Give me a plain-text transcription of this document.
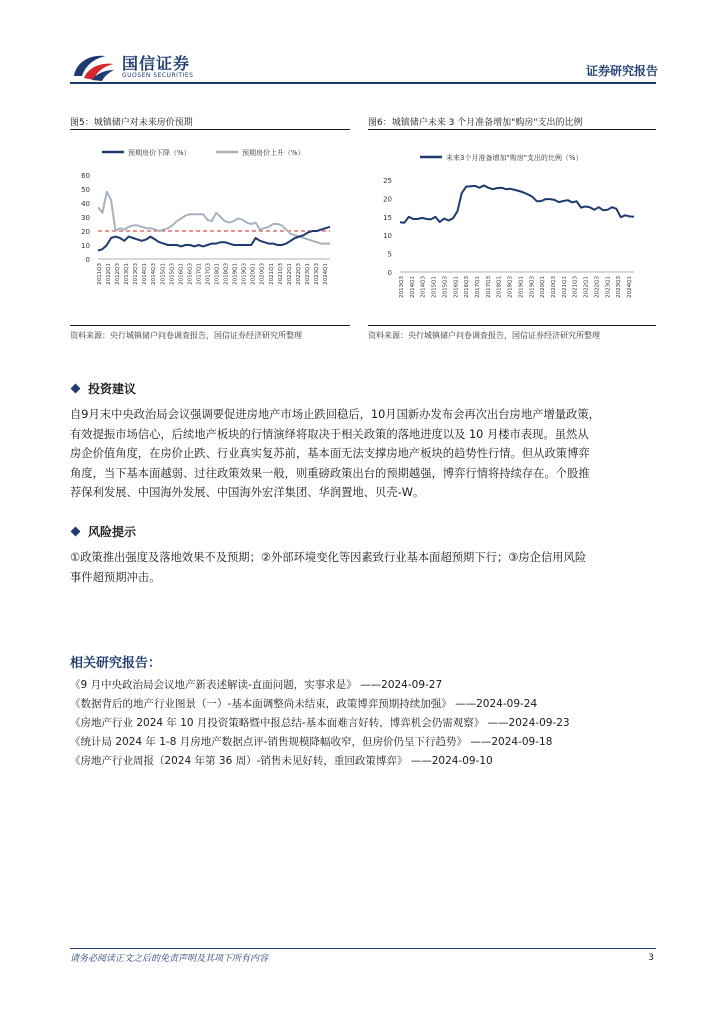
国信证券
GUOSEN SECURITIES	证券研究报告
图5：城镇储户对未来房价预期
0
10
20
30
40
50
60
2011Q3 2012Q1 2012Q3 2013Q1 2013Q3 2014Q1 2014Q3 2015Q1 2015Q3 2016Q1 2016Q3 2017Q1 2017Q3 2018Q1 2018Q3 2019Q1 2019Q3 2020Q1 2020Q3 2021Q1 2021Q3 2022Q1 2022Q3 2023Q1 2023Q3 2024Q1
预期房价下降（%）	预期房价上升（%）
资料来源：央行城镇储户问卷调查报告，国信证券经济研究所整理
图6：城镇储户未来 3 个月准备增加"购房"支出的比例
0
5
10
15
20
25
2013Q3 2014Q1 2014Q3 2015Q1 2015Q3 2016Q1 2016Q3 2017Q1 2017Q3 2018Q1 2018Q3 2019Q1 2019Q3 2020Q1 2020Q3 2021Q1 2021Q3 2022Q1 2022Q3 2023Q1 2023Q3 2024Q1
未来3个月准备增加"购房"支出的比例（%）
资料来源：央行城镇储户问卷调查报告，国信证券经济研究所整理
投资建议
自9月末中央政治局会议强调要促进房地产市场止跌回稳后，10月国新办发布会再次出台房地产增量政策，
有效提振市场信心，后续地产板块的行情演绎将取决于相关政策的落地进度以及 10 月楼市表现。虽然从
房企价值角度，在房价止跌、行业真实复苏前，基本面无法支撑房地产板块的趋势性行情。但从政策博弈
角度，当下基本面越弱、过往政策效果一般，则重磅政策出台的预期越强，博弈行情将持续存在。个股推
荐保利发展、中国海外发展、中国海外宏洋集团、华润置地、贝壳-W。
风险提示
①政策推出强度及落地效果不及预期；②外部环境变化等因素致行业基本面超预期下行；③房企信用风险
事件超预期冲击。
相关研究报告：
《9 月中央政治局会议地产新表述解读-直面问题，实事求是》 ——2024-09-27
《数据背后的地产行业图景（一）-基本面调整尚未结束，政策博弈预期持续加强》 ——2024-09-24
《房地产行业 2024 年 10 月投资策略暨中报总结-基本面难言好转，博弈机会仍需观察》 ——2024-09-23
《统计局 2024 年 1-8 月房地产数据点评-销售规模降幅收窄，但房价仍呈下行趋势》 ——2024-09-18
《房地产行业周报（2024 年第 36 周）-销售未见好转，重回政策博弈》 ——2024-09-10
请务必阅读正文之后的免责声明及其项下所有内容	3
